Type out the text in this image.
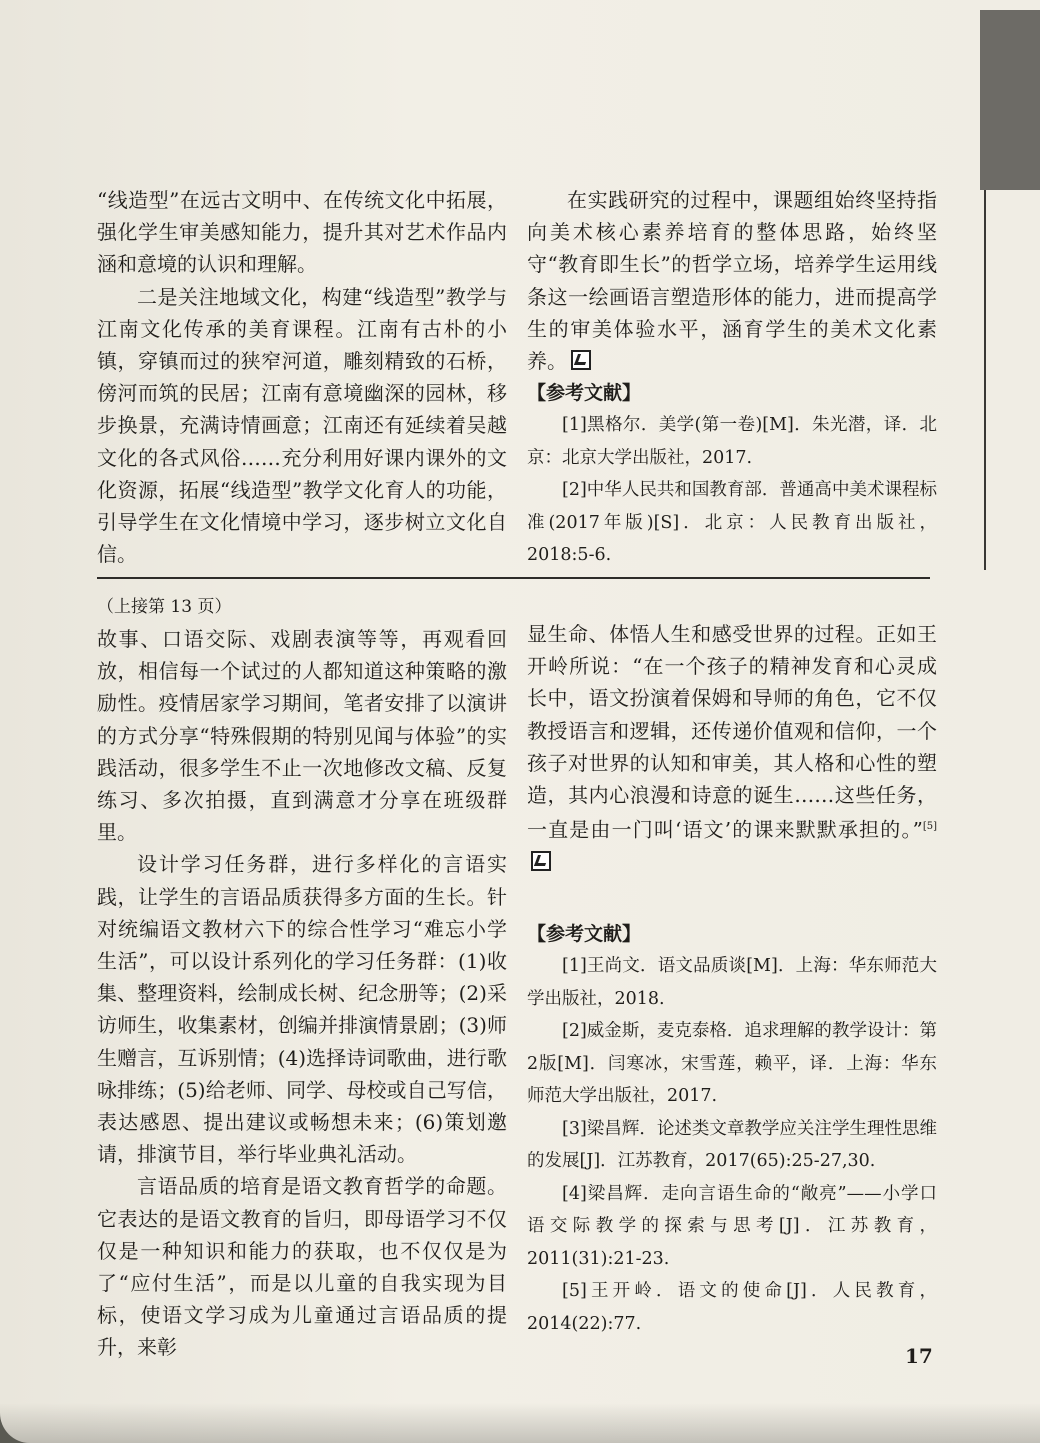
“线造型”在远古文明中、在传统文化中拓展，强化学生审美感知能力，提升其对艺术作品内涵和意境的认识和理解。

二是关注地域文化，构建“线造型”教学与江南文化传承的美育课程。江南有古朴的小镇，穿镇而过的狭窄河道，雕刻精致的石桥，傍河而筑的民居；江南有意境幽深的园林，移步换景，充满诗情画意；江南还有延续着吴越文化的各式风俗……充分利用好课内课外的文化资源，拓展“线造型”教学文化育人的功能，引导学生在文化情境中学习，逐步树立文化自信。

在实践研究的过程中，课题组始终坚持指向美术核心素养培育的整体思路，始终坚守“教育即生长”的哲学立场，培养学生运用线条这一绘画语言塑造形体的能力，进而提高学生的审美体验水平，涵育学生的美术文化素养。

【参考文献】

[1]黑格尔．美学(第一卷)[M]．朱光潜，译．北京：北京大学出版社，2017.

[2]中华人民共和国教育部．普通高中美术课程标准(2017年版)[S]．北京：人民教育出版社，2018:5-6.

（上接第 13 页）

故事、口语交际、戏剧表演等等，再观看回放，相信每一个试过的人都知道这种策略的激励性。疫情居家学习期间，笔者安排了以演讲的方式分享“特殊假期的特别见闻与体验”的实践活动，很多学生不止一次地修改文稿、反复练习、多次拍摄，直到满意才分享在班级群里。

设计学习任务群，进行多样化的言语实践，让学生的言语品质获得多方面的生长。针对统编语文教材六下的综合性学习“难忘小学生活”，可以设计系列化的学习任务群：(1)收集、整理资料，绘制成长树、纪念册等；(2)采访师生，收集素材，创编并排演情景剧；(3)师生赠言，互诉别情；(4)选择诗词歌曲，进行歌咏排练；(5)给老师、同学、母校或自己写信，表达感恩、提出建议或畅想未来；(6)策划邀请，排演节目，举行毕业典礼活动。

言语品质的培育是语文教育哲学的命题。它表达的是语文教育的旨归，即母语学习不仅仅是一种知识和能力的获取，也不仅仅是为了“应付生活”，而是以儿童的自我实现为目标，使语文学习成为儿童通过言语品质的提升，来彰

显生命、体悟人生和感受世界的过程。正如王开岭所说：“在一个孩子的精神发育和心灵成长中，语文扮演着保姆和导师的角色，它不仅教授语言和逻辑，还传递价值观和信仰，一个孩子对世界的认知和审美，其人格和心性的塑造，其内心浪漫和诗意的诞生……这些任务，一直是由一门叫‘语文’的课来默默承担的。”[5]

【参考文献】

[1]王尚文．语文品质谈[M]．上海：华东师范大学出版社，2018.

[2]威金斯，麦克泰格．追求理解的教学设计：第2版[M]．闫寒冰，宋雪莲，赖平，译．上海：华东师范大学出版社，2017.

[3]梁昌辉．论述类文章教学应关注学生理性思维的发展[J]．江苏教育，2017(65):25-27,30.

[4]梁昌辉．走向言语生命的“敞亮”——小学口语交际教学的探索与思考[J]．江苏教育，2011(31):21-23.

[5]王开岭．语文的使命[J]．人民教育，2014(22):77.

17
